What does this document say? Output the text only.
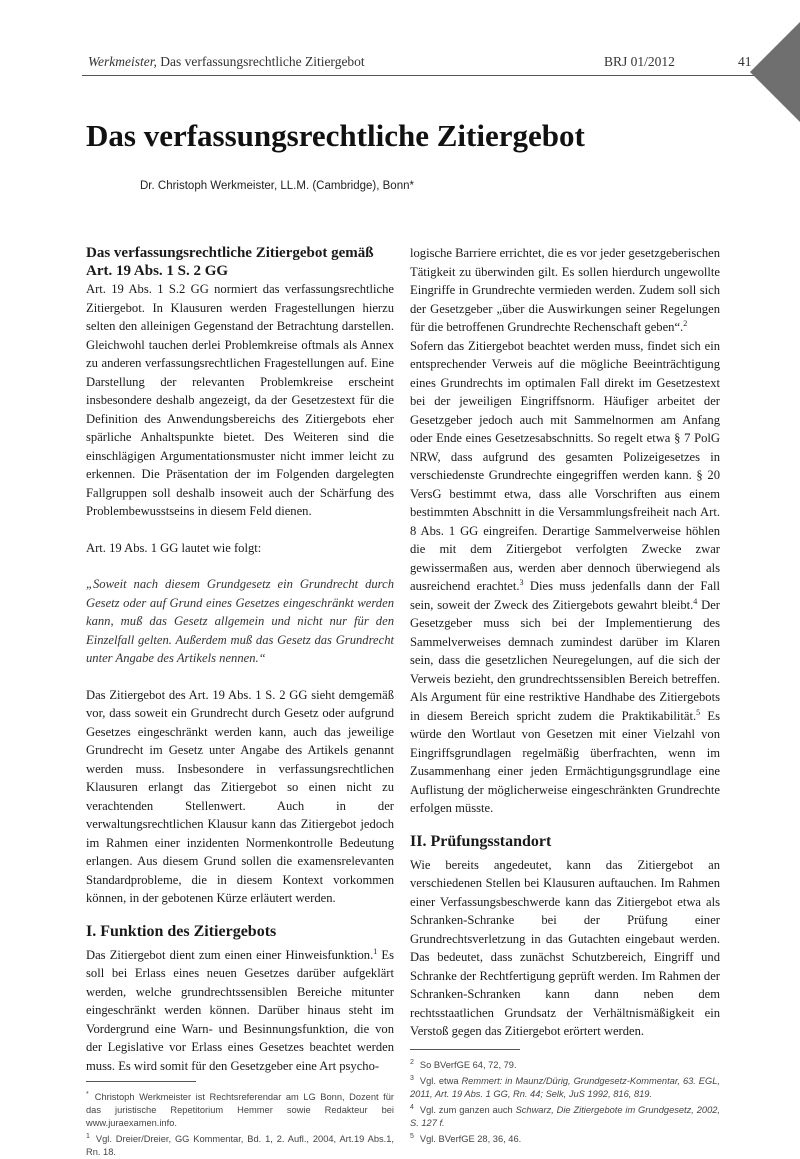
Werkmeister, Das verfassungsrechtliche Zitiergebot	BRJ 01/2012	41
Das verfassungsrechtliche Zitiergebot
Dr. Christoph Werkmeister, LL.M. (Cambridge), Bonn*

Das verfassungsrechtliche Zitiergebot gemäß Art. 19 Abs. 1 S. 2 GG

Art. 19 Abs. 1 S.2 GG normiert das verfassungsrechtliche Zitiergebot. In Klausuren werden Fragestellungen hierzu selten den alleinigen Gegenstand der Betrachtung darstellen. Gleichwohl tauchen derlei Problemkreise oftmals als Annex zu anderen verfassungsrechtlichen Fragestellungen auf. Eine Darstellung der relevanten Problemkreise erscheint insbesondere deshalb angezeigt, da der Gesetzestext für die Definition des Anwendungsbereichs des Zitiergebots eher spärliche Anhaltspunkte bietet. Des Weiteren sind die einschlägigen Argumentationsmuster nicht immer leicht zu erkennen. Die Präsentation der im Folgenden dargelegten Fallgruppen soll deshalb insoweit auch der Schärfung des Problembewusstseins in diesem Feld dienen.

Art. 19 Abs. 1 GG lautet wie folgt:

„Soweit nach diesem Grundgesetz ein Grundrecht durch Gesetz oder auf Grund eines Gesetzes eingeschränkt werden kann, muß das Gesetz allgemein und nicht nur für den Einzelfall gelten. Außerdem muß das Gesetz das Grundrecht unter Angabe des Artikels nennen.“

Das Zitiergebot des Art. 19 Abs. 1 S. 2 GG sieht demgemäß vor, dass soweit ein Grundrecht durch Gesetz oder aufgrund Gesetzes eingeschränkt werden kann, auch das jeweilige Grundrecht im Gesetz unter Angabe des Artikels genannt werden muss. Insbesondere in verfassungsrechtlichen Klausuren erlangt das Zitiergebot so einen nicht zu verachtenden Stellenwert. Auch in der verwaltungsrechtlichen Klausur kann das Zitiergebot jedoch im Rahmen einer inzidenten Normenkontrolle Bedeutung erlangen. Aus diesem Grund sollen die examensrelevanten Standardprobleme, die in diesem Kontext vorkommen können, in der gebotenen Kürze erläutert werden.

I. Funktion des Zitiergebots

Das Zitiergebot dient zum einen einer Hinweisfunktion.$^1$ Es soll bei Erlass eines neuen Gesetzes darüber aufgeklärt werden, welche grundrechtssensiblen Bereiche mitunter eingeschränkt werden können. Darüber hinaus steht im Vordergrund eine Warn- und Besinnungsfunktion, die von der Legislative vor Erlass eines Gesetzes beachtet werden muss. Es wird somit für den Gesetzgeber eine Art psycho-

* Christoph Werkmeister ist Rechtsreferendar am LG Bonn, Dozent für das juristische Repetitorium Hemmer sowie Redakteur bei www.juraexamen.info.

$^1$ Vgl. Dreier/Dreier, GG Kommentar, Bd. 1, 2. Aufl., 2004, Art.19 Abs.1, Rn. 18.

logische Barriere errichtet, die es vor jeder gesetzgeberischen Tätigkeit zu überwinden gilt. Es sollen hierdurch ungewollte Eingriffe in Grundrechte vermieden werden. Zudem soll sich der Gesetzgeber „über die Auswirkungen seiner Regelungen für die betroffenen Grundrechte Rechenschaft geben“.$^2$

Sofern das Zitiergebot beachtet werden muss, findet sich ein entsprechender Verweis auf die mögliche Beeinträchtigung eines Grundrechts im optimalen Fall direkt im Gesetzestext bei der jeweiligen Eingriffsnorm. Häufiger arbeitet der Gesetzgeber jedoch auch mit Sammelnormen am Anfang oder Ende eines Gesetzesabschnitts. So regelt etwa § 7 PolG NRW, dass aufgrund des gesamten Polizeigesetzes in verschiedenste Grundrechte eingegriffen werden kann. § 20 VersG bestimmt etwa, dass alle Vorschriften aus einem bestimmten Abschnitt in die Versammlungsfreiheit nach Art. 8 Abs. 1 GG eingreifen. Derartige Sammelverweise höhlen die mit dem Zitiergebot verfolgten Zwecke zwar gewissermaßen aus, werden aber dennoch überwiegend als ausreichend erachtet.$^3$ Dies muss jedenfalls dann der Fall sein, soweit der Zweck des Zitiergebots gewahrt bleibt.$^4$ Der Gesetzgeber muss sich bei der Implementierung des Sammelverweises demnach zumindest darüber im Klaren sein, dass die gesetzlichen Neuregelungen, auf die sich der Verweis bezieht, den grundrechtssensiblen Bereich betreffen. Als Argument für eine restriktive Handhabe des Zitiergebots in diesem Bereich spricht zudem die Praktikabilität.$^5$ Es würde den Wortlaut von Gesetzen mit einer Vielzahl von Eingriffsgrundlagen regelmäßig überfrachten, wenn im Zusammenhang einer jeden Ermächtigungsgrundlage eine Auflistung der möglicherweise eingeschränkten Grundrechte erfolgen müsste.

II. Prüfungsstandort

Wie bereits angedeutet, kann das Zitiergebot an verschiedenen Stellen bei Klausuren auftauchen. Im Rahmen einer Verfassungsbeschwerde kann das Zitiergebot etwa als Schranken-Schranke bei der Prüfung einer Grundrechtsverletzung in das Gutachten eingebaut werden. Das bedeutet, dass zunächst Schutzbereich, Eingriff und Schranke der Rechtfertigung geprüft werden. Im Rahmen der Schranken-Schranken kann dann neben dem rechtsstaatlichen Grundsatz der Verhältnismäßigkeit ein Verstoß gegen das Zitiergebot erörtert werden.

$^2$ So BVerfGE 64, 72, 79.

$^3$ Vgl. etwa Remmert: in Maunz/Dürig, Grundgesetz-Kommentar, 63. EGL, 2011, Art. 19 Abs. 1 GG, Rn. 44; Selk, JuS 1992, 816, 819.

$^4$ Vgl. zum ganzen auch Schwarz, Die Zitiergebote im Grundgesetz, 2002, S. 127 f.

$^5$ Vgl. BVerfGE 28, 36, 46.
